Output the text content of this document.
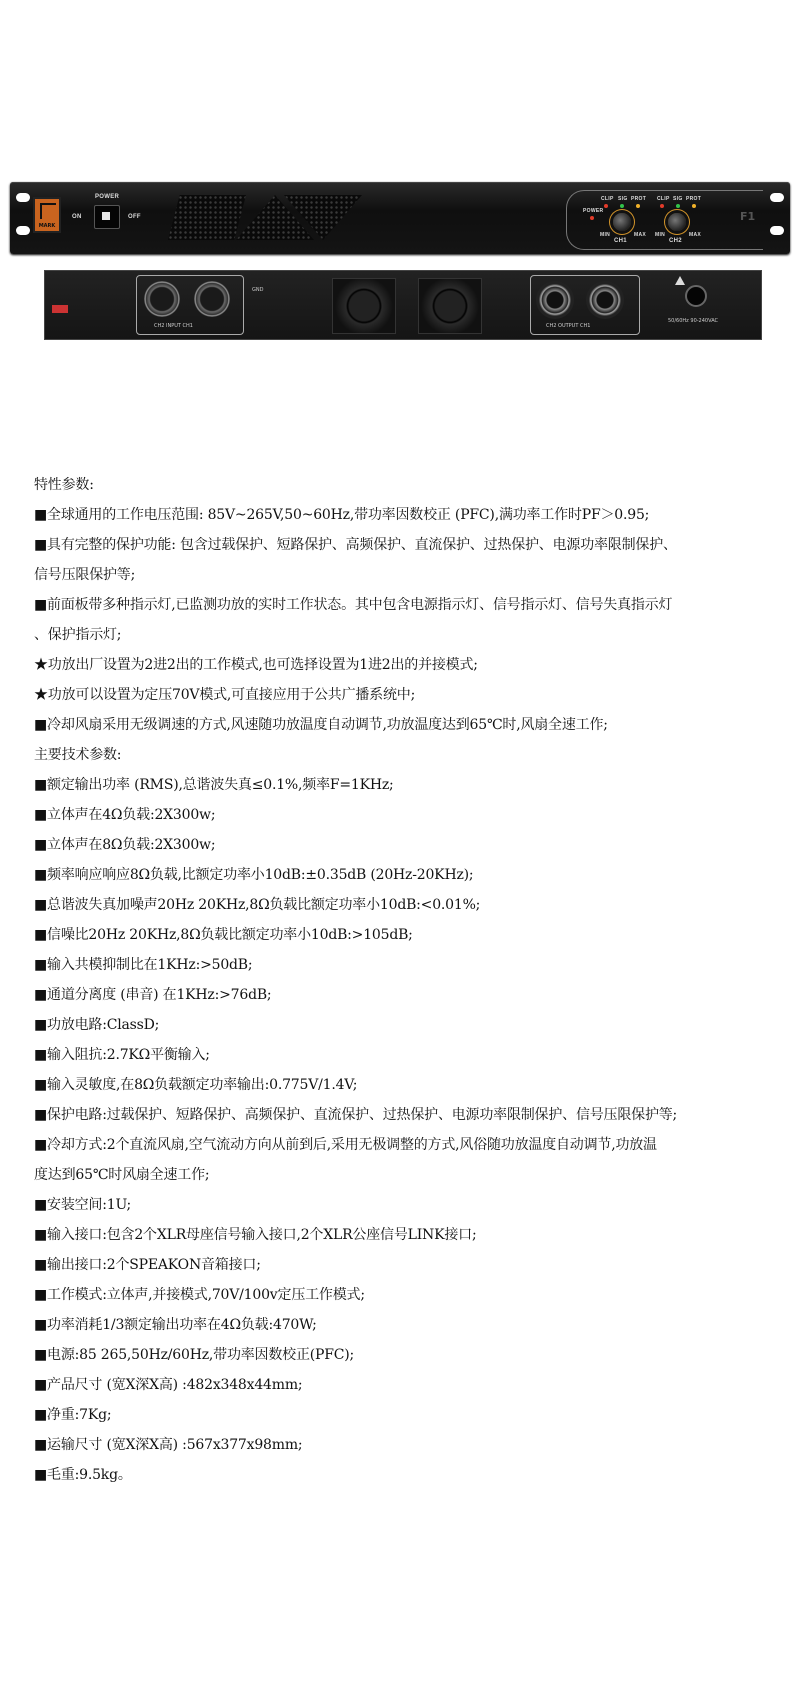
MARK
POWER
ON	OFF
POWER
CLIP SIG PROT
MIN	MAX
CH1
CLIP SIG PROT
MIN	MAX
CH2
F1
CH2 INPUT CH1
GND
CH2 OUTPUT CH1
50/60Hz 90-240VAC
特性参数:
■全球通用的工作电压范围: 85V~265V,50~60Hz,带功率因数校正 (PFC),满功率工作时PF＞0.95;
■具有完整的保护功能: 包含过载保护、短路保护、高频保护、直流保护、过热保护、电源功率限制保护、
信号压限保护等;
■前面板带多种指示灯,已监测功放的实时工作状态。其中包含电源指示灯、信号指示灯、信号失真指示灯
、保护指示灯;
★功放出厂设置为2进2出的工作模式,也可选择设置为1进2出的并接模式;
★功放可以设置为定压70V模式,可直接应用于公共广播系统中;
■冷却风扇采用无级调速的方式,风速随功放温度自动调节,功放温度达到65℃时,风扇全速工作;
主要技术参数:
■额定输出功率 (RMS),总谐波失真≤0.1%,频率F=1KHz;
■立体声在4Ω负载:2X300w;
■立体声在8Ω负载:2X300w;
■频率响应响应8Ω负载,比额定功率小10dB:±0.35dB (20Hz-20KHz);
■总谐波失真加噪声20Hz 20KHz,8Ω负载比额定功率小10dB:<0.01%;
■信噪比20Hz 20KHz,8Ω负载比额定功率小10dB:>105dB;
■输入共模抑制比在1KHz:>50dB;
■通道分离度 (串音) 在1KHz:>76dB;
■功放电路:ClassD;
■输入阻抗:2.7KΩ平衡输入;
■输入灵敏度,在8Ω负载额定功率输出:0.775V/1.4V;
■保护电路:过载保护、短路保护、高频保护、直流保护、过热保护、电源功率限制保护、信号压限保护等;
■冷却方式:2个直流风扇,空气流动方向从前到后,采用无极调整的方式,风俗随功放温度自动调节,功放温
度达到65℃时风扇全速工作;
■安装空间:1U;
■输入接口:包含2个XLR母座信号输入接口,2个XLR公座信号LINK接口;
■输出接口:2个SPEAKON音箱接口;
■工作模式:立体声,并接模式,70V/100v定压工作模式;
■功率消耗1/3额定输出功率在4Ω负载:470W;
■电源:85 265,50Hz/60Hz,带功率因数校正(PFC);
■产品尺寸 (宽X深X高) :482x348x44mm;
■净重:7Kg;
■运输尺寸 (宽X深X高) :567x377x98mm;
■毛重:9.5kg。
